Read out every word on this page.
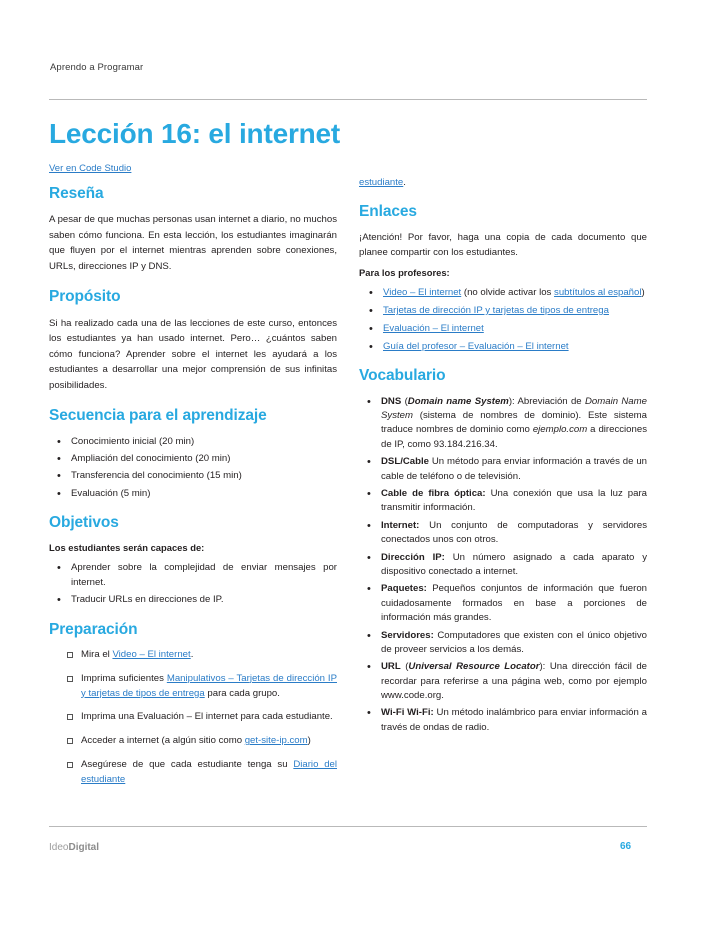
Aprendo a Programar
Lección 16: el internet
Ver en Code Studio
Reseña

A pesar de que muchas personas usan internet a diario, no muchos saben cómo funciona. En esta lección, los estudiantes imaginarán que fluyen por el internet mientras aprenden sobre conexiones, URLs, direcciones IP y DNS.

Propósito

Si ha realizado cada una de las lecciones de este curso, entonces los estudiantes ya han usado internet. Pero… ¿cuántos saben cómo funciona? Aprender sobre el internet les ayudará a los estudiantes a desarrollar una mejor comprensión de sus infinitas posibilidades.

Secuencia para el aprendizaje
• Conocimiento inicial (20 min)
• Ampliación del conocimiento (20 min)
• Transferencia del conocimiento (15 min)
• Evaluación (5 min)
Objetivos

Los estudiantes serán capaces de:

• Aprender sobre la complejidad de enviar mensajes por internet.
• Traducir URLs en direcciones de IP.
Preparación
Mira el Video – El internet.
Imprima suficientes Manipulativos – Tarjetas de dirección IP y tarjetas de tipos de entrega para cada grupo.
Imprima una Evaluación – El internet para cada estudiante.
Acceder a internet (a algún sitio como get-site-ip.com)
Asegúrese de que cada estudiante tenga su Diario del estudiante

estudiante.

Enlaces

¡Atención! Por favor, haga una copia de cada documento que planee compartir con los estudiantes.

Para los profesores:

• Video – El internet (no olvide activar los subtítulos al español)
• Tarjetas de dirección IP y tarjetas de tipos de entrega
• Evaluación – El internet
• Guía del profesor – Evaluación – El internet
Vocabulario
• DNS (Domain name System): Abreviación de Domain Name System (sistema de nombres de dominio). Este sistema traduce nombres de dominio como ejemplo.com a direcciones de IP, como 93.184.216.34.
• DSL/Cable Un método para enviar información a través de un cable de teléfono o de televisión.
• Cable de fibra óptica: Una conexión que usa la luz para transmitir información.
• Internet: Un conjunto de computadoras y servidores conectados unos con otros.
• Dirección IP: Un número asignado a cada aparato y dispositivo conectado a internet.
• Paquetes: Pequeños conjuntos de información que fueron cuidadosamente formados en base a porciones de información más grandes.
• Servidores: Computadores que existen con el único objetivo de proveer servicios a los demás.
• URL (Universal Resource Locator): Una dirección fácil de recordar para referirse a una página web, como por ejemplo www.code.org.
• Wi-Fi Wi-Fi: Un método inalámbrico para enviar información a través de ondas de radio.
IdeoDigital	66
